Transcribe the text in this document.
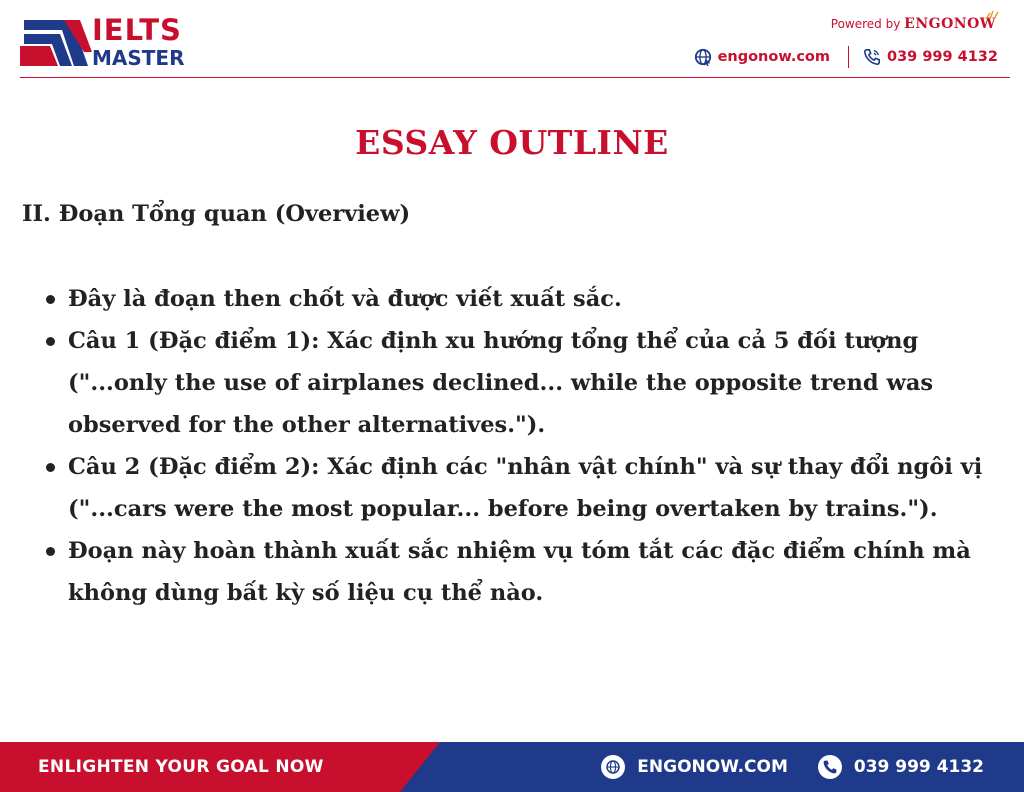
IELTS
MASTER
Powered by ENGONOW
engonow.com	039 999 4132
ESSAY OUTLINE
II. Đoạn Tổng quan (Overview)
Đây là đoạn then chốt và được viết xuất sắc.
Câu 1 (Đặc điểm 1): Xác định xu hướng tổng thể của cả 5 đối tượng ("...only the use of airplanes declined... while the opposite trend was observed for the other alternatives.").
Câu 2 (Đặc điểm 2): Xác định các "nhân vật chính" và sự thay đổi ngôi vị ("...cars were the most popular... before being overtaken by trains.").
Đoạn này hoàn thành xuất sắc nhiệm vụ tóm tắt các đặc điểm chính mà không dùng bất kỳ số liệu cụ thể nào.
ENLIGHTEN YOUR GOAL NOW	ENGONOW.COM	039 999 4132
